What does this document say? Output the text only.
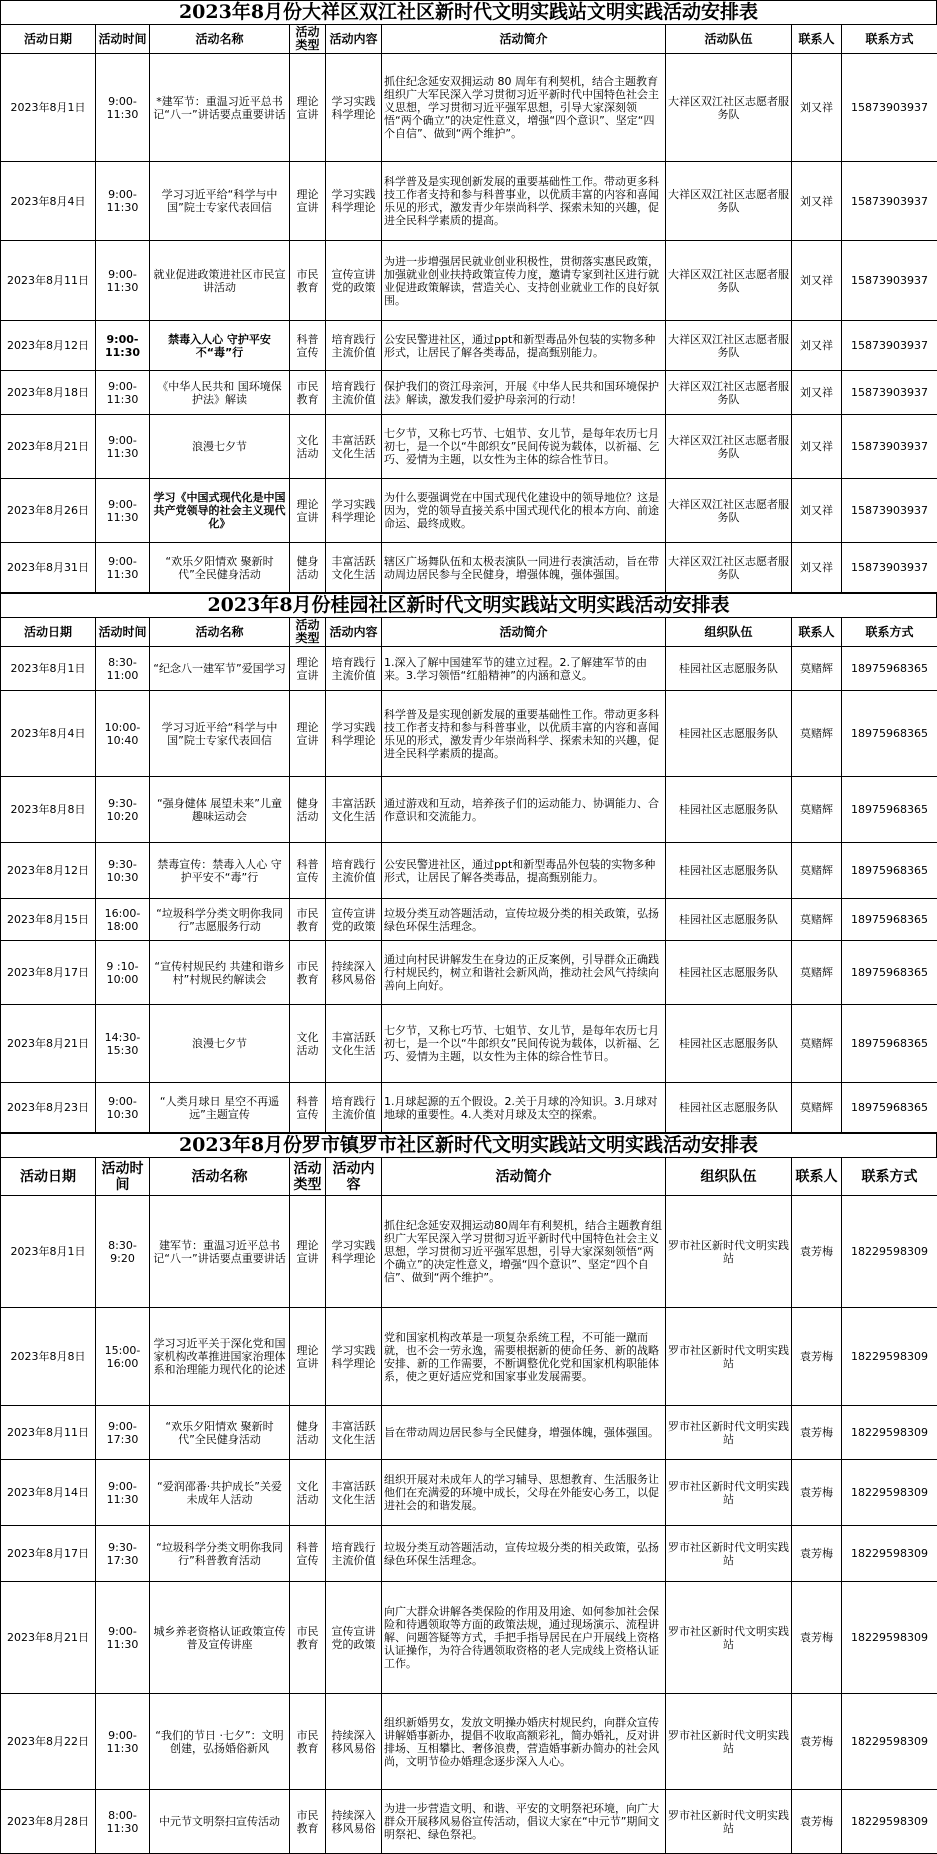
2023年8月份大祥区双江社区新时代文明实践站文明实践活动安排表
活动日期	活动时间	活动名称	活动类型	活动内容	活动简介	活动队伍	联系人	联系方式
2023年8月1日	9:00-11:30	*建军节：重温习近平总书记“八一”讲话要点重要讲话	理论宣讲	学习实践科学理论	抓住纪念延安双拥运动 80 周年有利契机，结合主题教育组织广大军民深入学习贯彻习近平新时代中国特色社会主义思想，学习贯彻习近平强军思想，引导大家深刻领悟“两个确立”的决定性意义，增强“四个意识”、坚定“四个自信”、做到“两个维护”。	大祥区双江社区志愿者服务队	刘又祥	15873903937
2023年8月4日	9:00-11:30	学习习近平给“科学与中国”院士专家代表回信	理论宣讲	学习实践科学理论	科学普及是实现创新发展的重要基础性工作。带动更多科技工作者支持和参与科普事业，以优质丰富的内容和喜闻乐见的形式，激发青少年崇尚科学、探索未知的兴趣，促进全民科学素质的提高。	大祥区双江社区志愿者服务队	刘又祥	15873903937
2023年8月11日	9:00-11:30	就业促进政策进社区市民宣讲活动	市民教育	宣传宣讲党的政策	为进一步增强居民就业创业积极性，贯彻落实惠民政策，加强就业创业扶持政策宣传力度，邀请专家到社区进行就业促进政策解读，营造关心、支持创业就业工作的良好氛围。	大祥区双江社区志愿者服务队	刘又祥	15873903937
2023年8月12日	9:00-11:30	禁毒入人心 守护平安不“毒”行	科普宣传	培育践行主流价值	公安民警进社区，通过ppt和新型毒品外包装的实物多种形式，让居民了解各类毒品，提高甄别能力。	大祥区双江社区志愿者服务队	刘又祥	15873903937
2023年8月18日	9:00-11:30	《中华人民共和 国环境保护法》解读	市民教育	培育践行主流价值	保护我们的资江母亲河，开展《中华人民共和国环境保护法》解读，激发我们爱护母亲河的行动！	大祥区双江社区志愿者服务队	刘又祥	15873903937
2023年8月21日	9:00-11:30	浪漫七夕节	文化活动	丰富活跃文化生活	七夕节，又称七巧节、七姐节、女儿节，是每年农历七月初七，是一个以“牛郎织女”民间传说为载体，以祈福、乞巧、爱情为主题，以女性为主体的综合性节日。	大祥区双江社区志愿者服务队	刘又祥	15873903937
2023年8月26日	9:00-11:30	学习《中国式现代化是中国共产党领导的社会主义现代化》	理论宣讲	学习实践科学理论	为什么要强调党在中国式现代化建设中的领导地位？这是因为，党的领导直接关系中国式现代化的根本方向、前途命运、最终成败。	大祥区双江社区志愿者服务队	刘又祥	15873903937
2023年8月31日	9:00-11:30	“欢乐夕阳情欢 聚新时代”全民健身活动	健身活动	丰富活跃文化生活	辖区广场舞队伍和太极表演队一同进行表演活动，旨在带动周边居民参与全民健身，增强体魄，强体强国。	大祥区双江社区志愿者服务队	刘又祥	15873903937
2023年8月份桂园社区新时代文明实践站文明实践活动安排表
活动日期	活动时间	活动名称	活动类型	活动内容	活动简介	组织队伍	联系人	联系方式
2023年8月1日	8:30-11:00	“纪念八一建军节”爱国学习	理论宣讲	培育践行主流价值	1.深入了解中国建军节的建立过程。2.了解建军节的由来。3.学习领悟“红船精神”的内涵和意义。	桂园社区志愿服务队	莫赌辉	18975968365
2023年8月4日	10:00-10:40	学习习近平给“科学与中国”院士专家代表回信	理论宣讲	学习实践科学理论	科学普及是实现创新发展的重要基础性工作。带动更多科技工作者支持和参与科普事业，以优质丰富的内容和喜闻乐见的形式，激发青少年崇尚科学、探索未知的兴趣，促进全民科学素质的提高。	桂园社区志愿服务队	莫赌辉	18975968365
2023年8月8日	9:30-10:20	“强身健体 展望未来”儿童趣味运动会	健身活动	丰富活跃文化生活	通过游戏和互动，培养孩子们的运动能力、协调能力、合作意识和交流能力。	桂园社区志愿服务队	莫赌辉	18975968365
2023年8月12日	9:30-10:30	禁毒宣传：禁毒入人心 守护平安不“毒”行	科普宣传	培育践行主流价值	公安民警进社区，通过ppt和新型毒品外包装的实物多种形式，让居民了解各类毒品，提高甄别能力。	桂园社区志愿服务队	莫赌辉	18975968365
2023年8月15日	16:00-18:00	“垃圾科学分类文明你我同行”志愿服务行动	市民教育	宣传宣讲党的政策	垃圾分类互动答题活动，宣传垃圾分类的相关政策，弘扬绿色环保生活理念。	桂园社区志愿服务队	莫赌辉	18975968365
2023年8月17日	9 :10-10:00	“宣传村规民约 共建和谐乡村”村规民约解读会	市民教育	持续深入移风易俗	通过向村民讲解发生在身边的正反案例，引导群众正确践行村规民约，树立和谐社会新风尚，推动社会风气持续向善向上向好。	桂园社区志愿服务队	莫赌辉	18975968365
2023年8月21日	14:30-15:30	浪漫七夕节	文化活动	丰富活跃文化生活	七夕节，又称七巧节、七姐节、女儿节，是每年农历七月初七，是一个以“牛郎织女”民间传说为载体，以祈福、乞巧、爱情为主题，以女性为主体的综合性节日。	桂园社区志愿服务队	莫赌辉	18975968365
2023年8月23日	9:00-10:30	“人类月球日 星空不再遥远”主题宣传	科普宣传	培育践行主流价值	1.月球起源的五个假设。2.关于月球的冷知识。3.月球对地球的重要性。4.人类对月球及太空的探索。	桂园社区志愿服务队	莫赌辉	18975968365
2023年8月份罗市镇罗市社区新时代文明实践站文明实践活动安排表
活动日期	活动时间	活动名称	活动类型	活动内容	活动简介	组织队伍	联系人	联系方式
2023年8月1日	8:30-9:20	建军节：重温习近平总书记“八一”讲话要点重要讲话	理论宣讲	学习实践科学理论	抓住纪念延安双拥运动80周年有利契机，结合主题教育组织广大军民深入学习贯彻习近平新时代中国特色社会主义思想，学习贯彻习近平强军思想，引导大家深刻领悟“两个确立”的决定性意义，增强“四个意识”、坚定“四个自信”、做到“两个维护”。	罗市社区新时代文明实践站	袁芳梅	18229598309
2023年8月8日	15:00-16:00	学习习近平关于深化党和国家机构改革推进国家治理体系和治理能力现代化的论述	理论宣讲	学习实践科学理论	党和国家机构改革是一项复杂系统工程，不可能一蹴而就，也不会一劳永逸，需要根据新的使命任务、新的战略安排、新的工作需要，不断调整优化党和国家机构职能体系，使之更好适应党和国家事业发展需要。	罗市社区新时代文明实践站	袁芳梅	18229598309
2023年8月11日	9:00-17:30	“欢乐夕阳情欢 聚新时代”全民健身活动	健身活动	丰富活跃文化生活	旨在带动周边居民参与全民健身，增强体魄，强体强国。	罗市社区新时代文明实践站	袁芳梅	18229598309
2023年8月14日	9:00-11:30	“爱润邵番·共护成长”关爱未成年人活动	文化活动	丰富活跃文化生活	组织开展对未成年人的学习辅导、思想教育、生活服务让他们在充满爱的环境中成长，父母在外能安心务工，以促进社会的和谐发展。	罗市社区新时代文明实践站	袁芳梅	18229598309
2023年8月17日	9:30-17:30	“垃圾科学分类文明你我同行”科普教育活动	科普宣传	培育践行主流价值	垃圾分类互动答题活动，宣传垃圾分类的相关政策，弘扬绿色环保生活理念。	罗市社区新时代文明实践站	袁芳梅	18229598309
2023年8月21日	9:00-11:30	城乡养老资格认证政策宣传普及宣传讲座	市民教育	宣传宣讲党的政策	向广大群众讲解各类保险的作用及用途、如何参加社会保险和待遇领取等方面的政策法规，通过现场演示、流程讲解、问题答疑等方式，手把手指导居民在户开展线上资格认证操作，为符合待遇领取资格的老人完成线上资格认证工作。	罗市社区新时代文明实践站	袁芳梅	18229598309
2023年8月22日	9:00-11:30	“我们的节日 ·七夕”：文明创建，弘扬婚俗新风	市民教育	持续深入移风易俗	组织新婚男女，发放文明操办婚庆村规民约，向群众宣传讲解婚事新办，提倡不收取高额彩礼，简办婚礼，反对讲排场、互相攀比、奢侈浪费，营造婚事新办简办的社会风尚，文明节俭办婚理念逐步深入人心。	罗市社区新时代文明实践站	袁芳梅	18229598309
2023年8月28日	8:00-11:30	中元节文明祭扫宣传活动	市民教育	持续深入移风易俗	为进一步营造文明、和谐、平安的文明祭祀环境，向广大群众开展移风易俗宣传活动，倡议大家在“中元节”期间文明祭祀、绿色祭祀。	罗市社区新时代文明实践站	袁芳梅	18229598309
